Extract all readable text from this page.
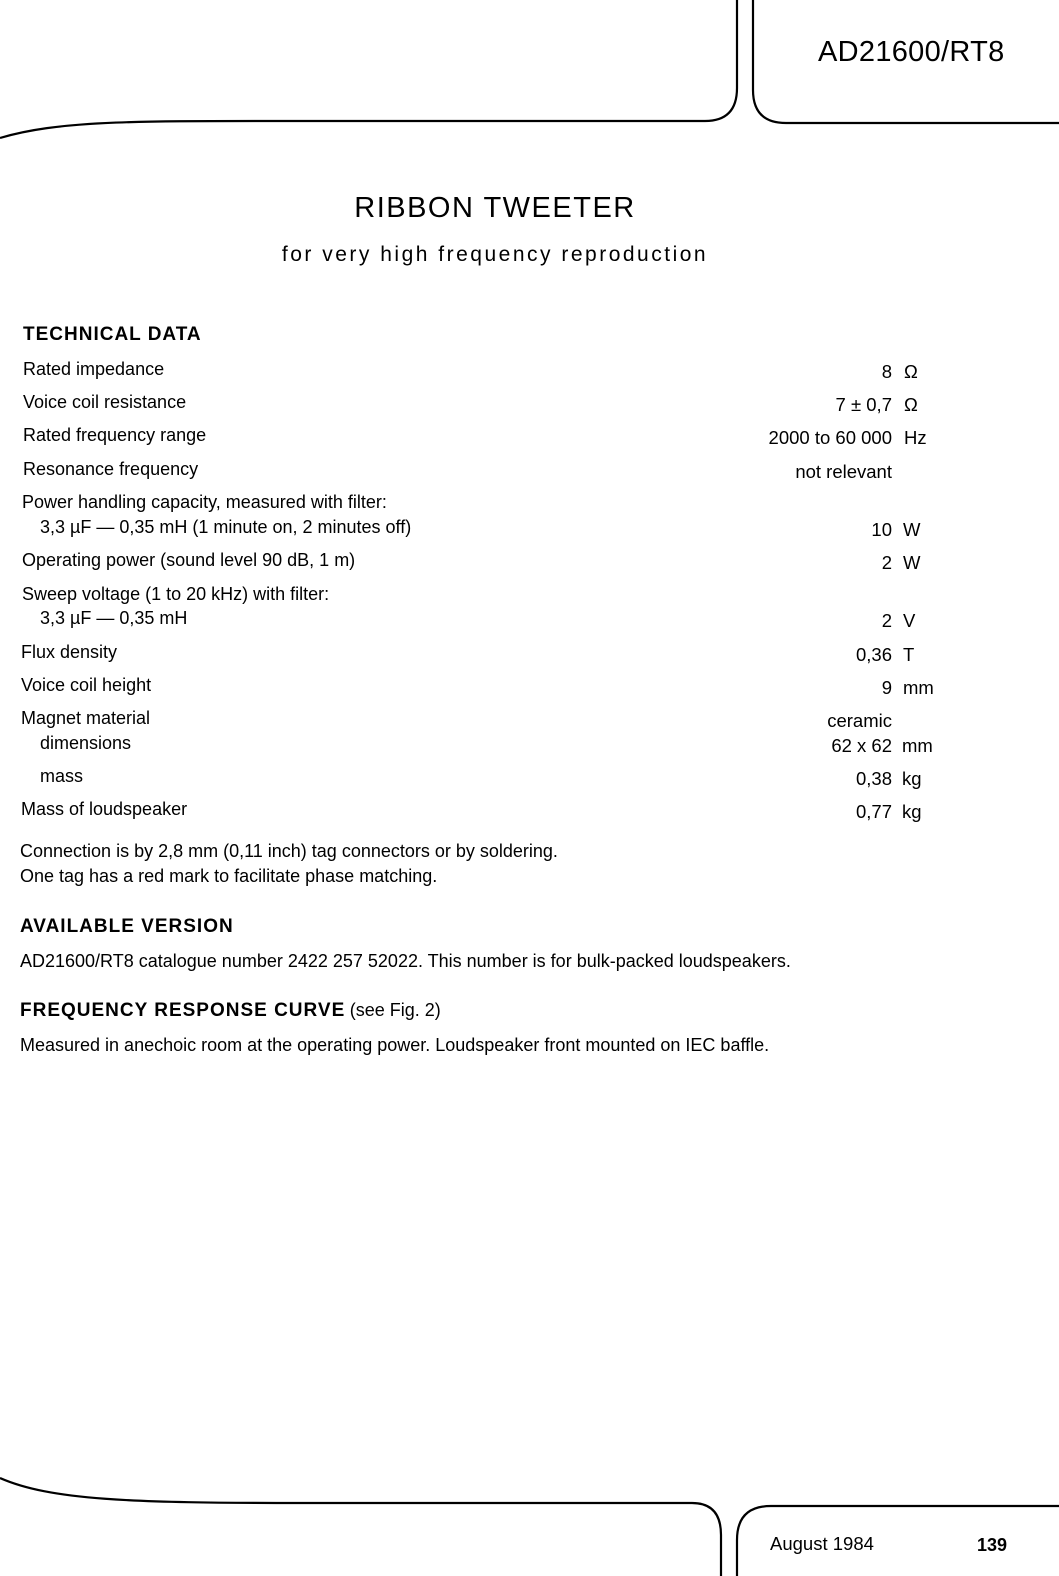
AD21600/RT8
RIBBON TWEETER
for very high frequency reproduction
TECHNICAL DATA
Rated impedance	8 Ω
Voice coil resistance	7 ± 0,7 Ω
Rated frequency range	2000 to 60 000 Hz
Resonance frequency	not relevant
Power handling capacity, measured with filter:
3,3 µF — 0,35 mH (1 minute on, 2 minutes off)	10 W
Operating power (sound level 90 dB, 1 m)	2 W
Sweep voltage (1 to 20 kHz) with filter:
3,3 µF — 0,35 mH	2 V
Flux density	0,36 T
Voice coil height	9 mm
Magnet material	ceramic
dimensions	62 x 62 mm
mass	0,38 kg
Mass of loudspeaker	0,77 kg
Connection is by 2,8 mm (0,11 inch) tag connectors or by soldering.
One tag has a red mark to facilitate phase matching.
AVAILABLE VERSION
AD21600/RT8 catalogue number 2422 257 52022. This number is for bulk-packed loudspeakers.
FREQUENCY RESPONSE CURVE (see Fig. 2)
Measured in anechoic room at the operating power. Loudspeaker front mounted on IEC baffle.
August 1984	139
